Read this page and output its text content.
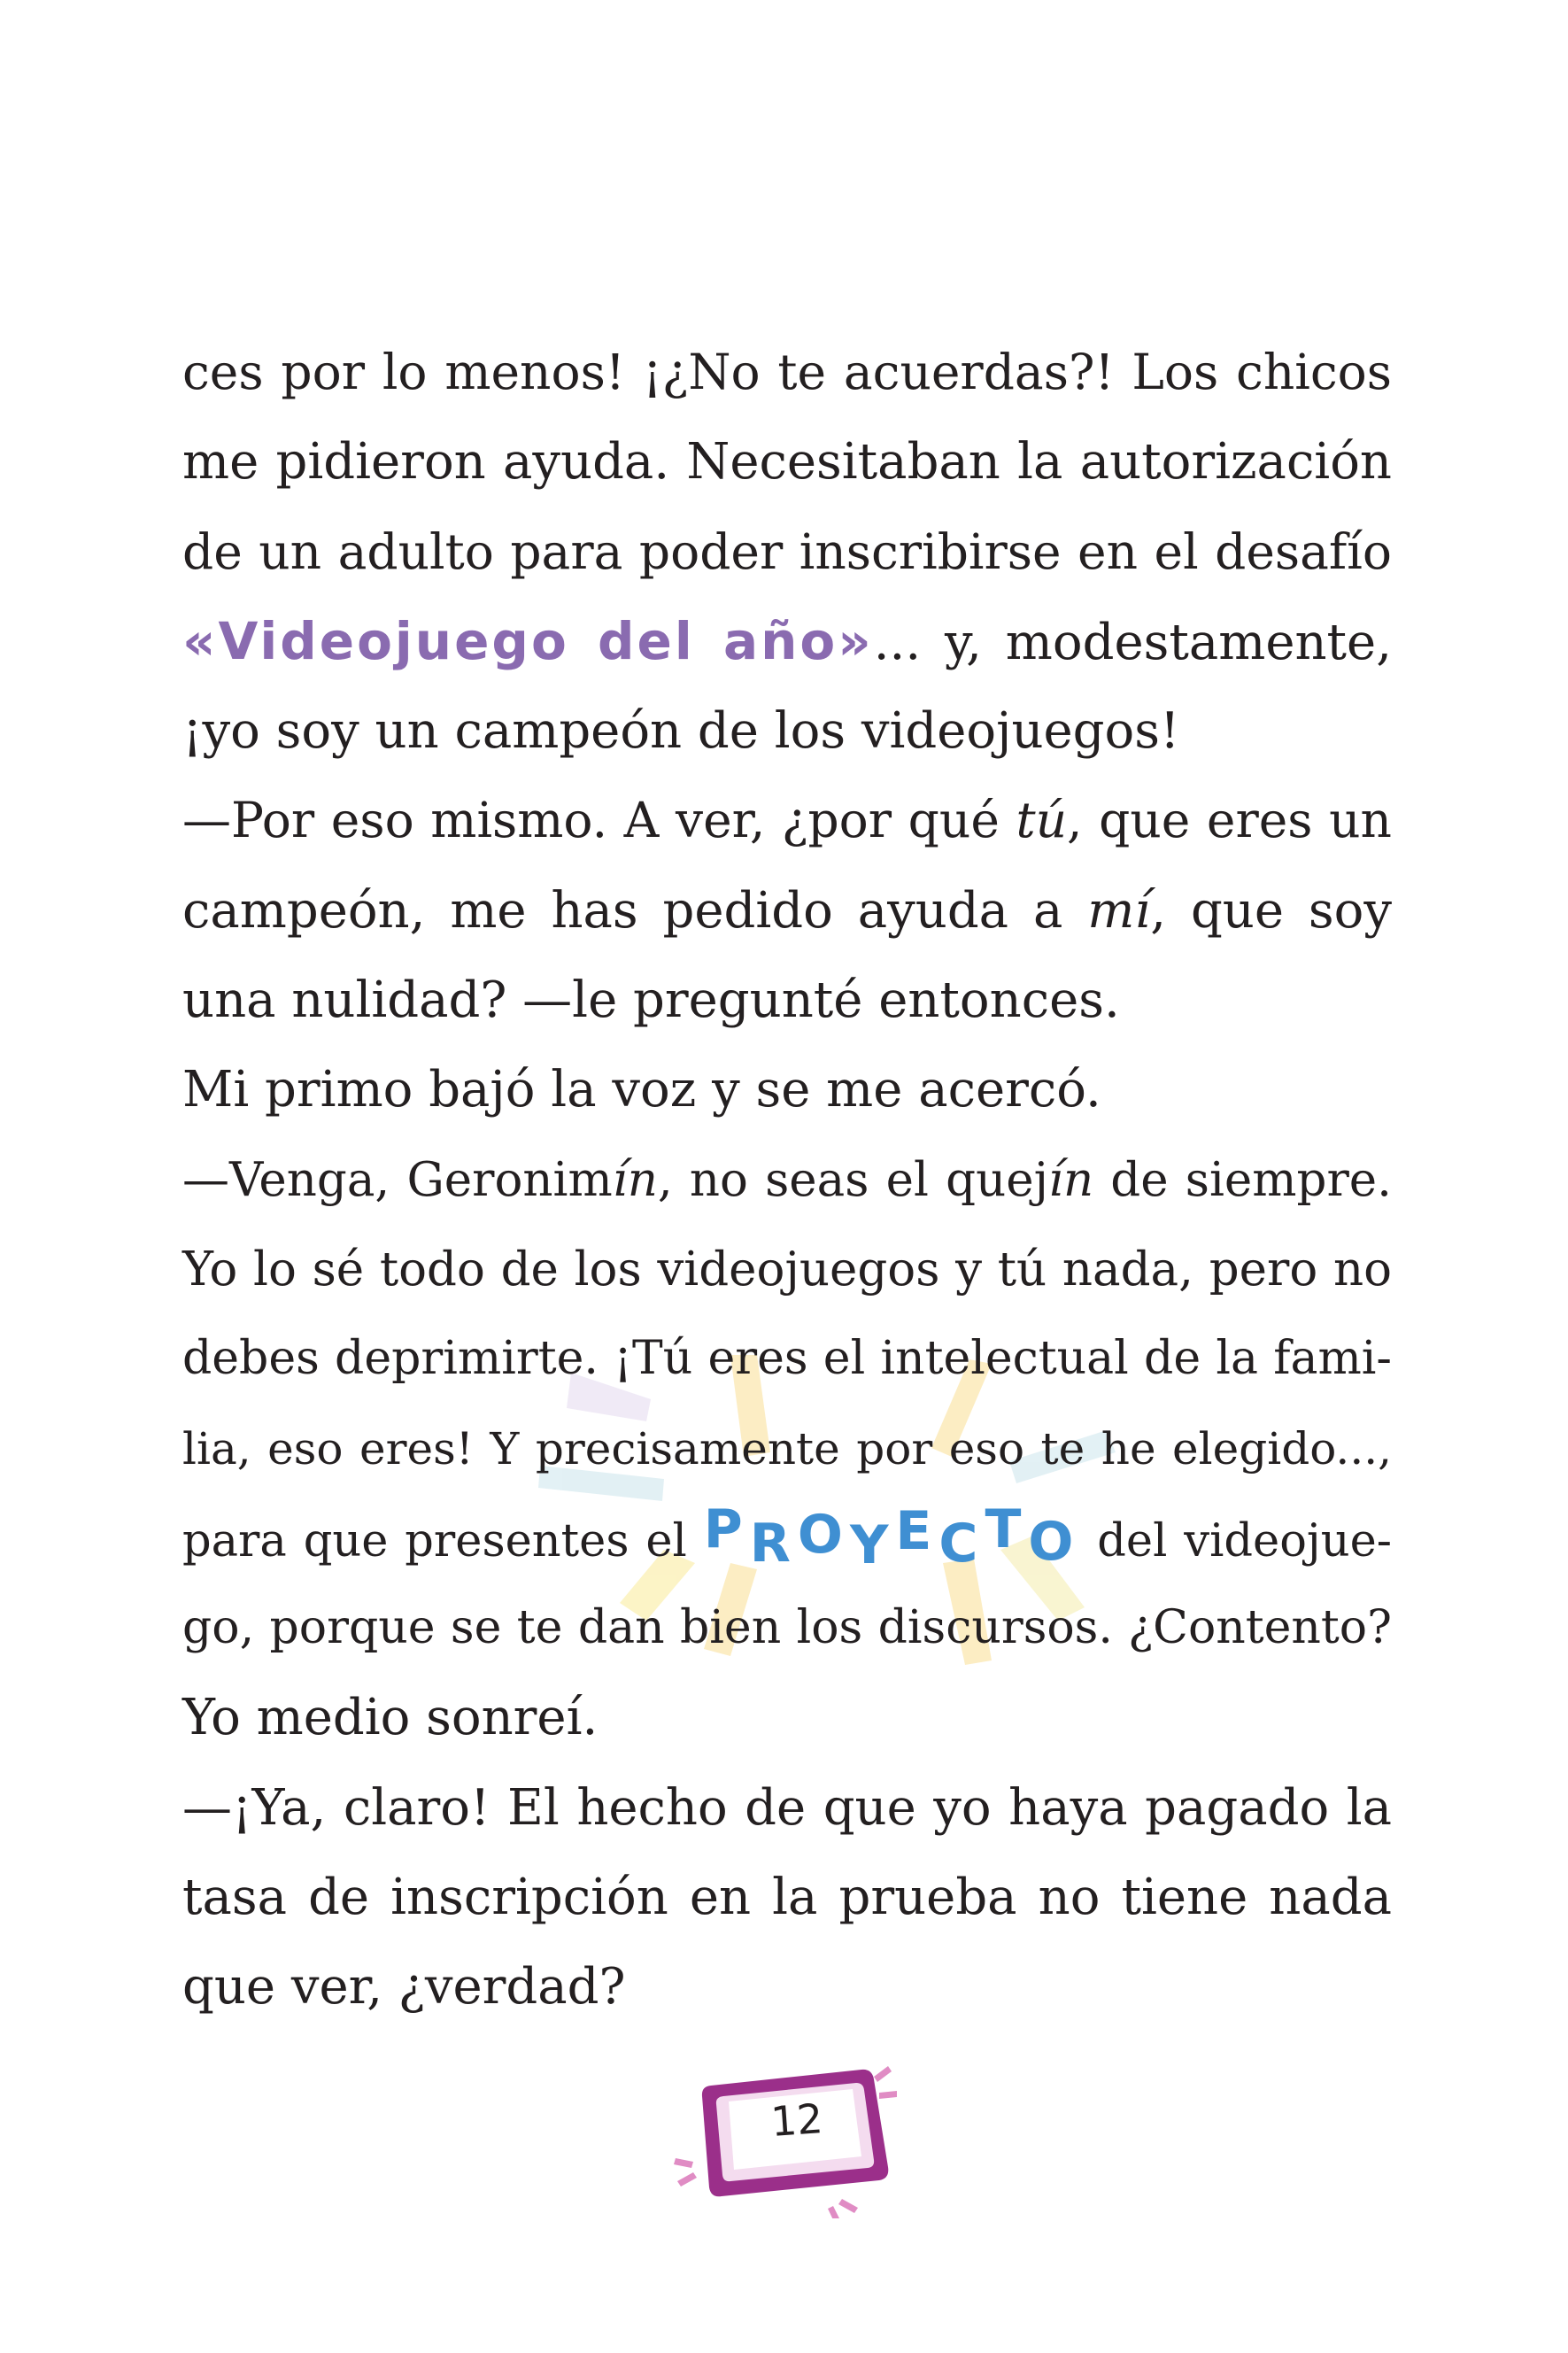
ces por lo menos! ¡¿No te acuerdas?! Los chicos
me pidieron ayuda. Necesitaban la autorización
de un adulto para poder inscribirse en el desafío
«Videojuego del año»... y, modestamente,
¡yo soy un campeón de los videojuegos!
—Por eso mismo. A ver, ¿por qué tú, que eres un
campeón, me has pedido ayuda a mí, que soy
una nulidad? —le pregunté entonces.
Mi primo bajó la voz y se me acercó.
—Venga, Geronimín, no seas el quejín de siempre.
Yo lo sé todo de los videojuegos y tú nada, pero no
debes deprimirte. ¡Tú eres el intelectual de la fami-
lia, eso eres! Y precisamente por eso te he elegido...,
para que presentes el PROYECTO del videojue-
go, porque se te dan bien los discursos. ¿Contento?
Yo medio sonreí.
—¡Ya, claro! El hecho de que yo haya pagado la
tasa de inscripción en la prueba no tiene nada
que ver, ¿verdad?
12
